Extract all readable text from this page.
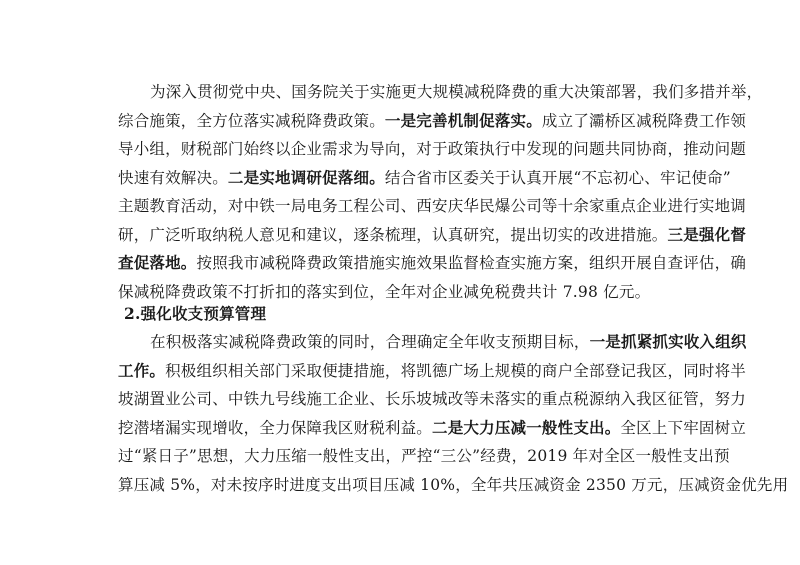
为深入贯彻党中央、国务院关于实施更大规模减税降费的重大决策部署，我们多措并举，
综合施策，全方位落实减税降费政策。一是完善机制促落实。成立了灞桥区减税降费工作领
导小组，财税部门始终以企业需求为导向，对于政策执行中发现的问题共同协商，推动问题
快速有效解决。二是实地调研促落细。结合省市区委关于认真开展“不忘初心、牢记使命”
主题教育活动，对中铁一局电务工程公司、西安庆华民爆公司等十余家重点企业进行实地调
研，广泛听取纳税人意见和建议，逐条梳理，认真研究，提出切实的改进措施。三是强化督
查促落地。按照我市减税降费政策措施实施效果监督检查实施方案，组织开展自查评估，确
保减税降费政策不打折扣的落实到位，全年对企业减免税费共计 7.98 亿元。
2.强化收支预算管理
在积极落实减税降费政策的同时，合理确定全年收支预期目标，一是抓紧抓实收入组织
工作。积极组织相关部门采取便捷措施，将凯德广场上规模的商户全部登记我区，同时将半
坡湖置业公司、中铁九号线施工企业、长乐坡城改等未落实的重点税源纳入我区征管，努力
挖潜堵漏实现增收，全力保障我区财税利益。二是大力压减一般性支出。全区上下牢固树立
过“紧日子”思想，大力压缩一般性支出，严控“三公”经费，2019 年对全区一般性支出预
算压减 5%，对未按序时进度支出项目压减 10%，全年共压减资金 2350 万元，压减资金优先用
